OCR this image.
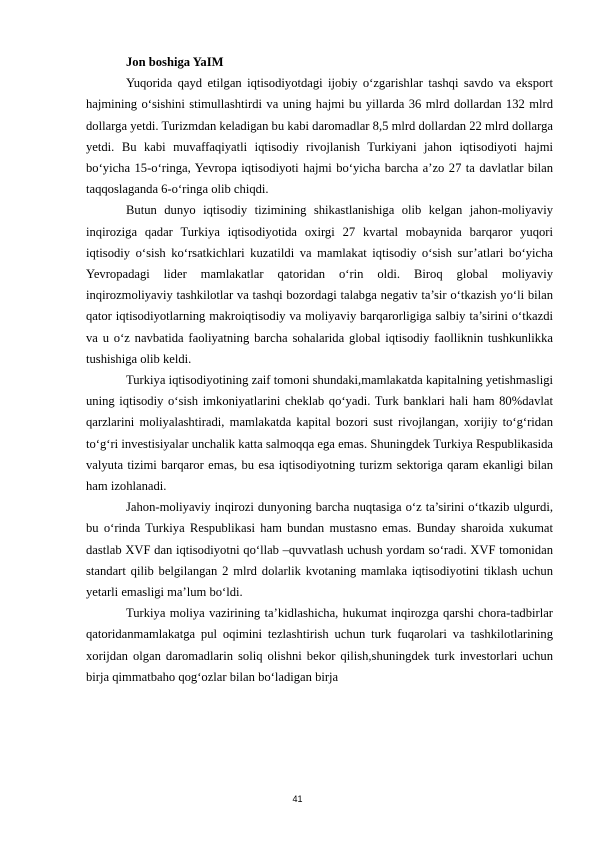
Jon boshiga YaIM

Yuqorida qayd etilgan iqtisodiyotdagi ijobiy o‘zgarishlar tashqi savdo va eksport hajmining o‘sishini stimullashtirdi va uning hajmi bu yillarda 36 mlrd dollardan 132 mlrd dollarga yetdi. Turizmdan keladigan bu kabi daromadlar 8,5 mlrd dollardan 22 mlrd dollarga yetdi. Bu kabi muvaffaqiyatli iqtisodiy rivojlanish Turkiyani jahon iqtisodiyoti hajmi bo‘yicha 15-o‘ringa, Yevropa iqtisodiyoti hajmi bo‘yicha barcha a’zo 27 ta davlatlar bilan taqqoslaganda 6-o‘ringa olib chiqdi.

Butun dunyo iqtisodiy tizimining shikastlanishiga olib kelgan jahon-moliyaviy inqiroziga qadar Turkiya iqtisodiyotida oxirgi 27 kvartal mobaynida barqaror yuqori iqtisodiy o‘sish ko‘rsatkichlari kuzatildi va mamlakat iqtisodiy o‘sish sur’atlari bo‘yicha Yevropadagi lider mamlakatlar qatoridan o‘rin oldi. Biroq global moliyaviy inqirozmoliyaviy tashkilotlar va tashqi bozordagi talabga negativ ta’sir o‘tkazish yo‘li bilan qator iqtisodiyotlarning makroiqtisodiy va moliyaviy barqarorligiga salbiy ta’sirini o‘tkazdi va u o‘z navbatida faoliyatning barcha sohalarida global iqtisodiy faolliknin tushkunlikka tushishiga olib keldi.

Turkiya iqtisodiyotining zaif tomoni shundaki,mamlakatda kapitalning yetishmasligi uning iqtisodiy o‘sish imkoniyatlarini cheklab qo‘yadi. Turk banklari hali ham 80%davlat qarzlarini moliyalashtiradi, mamlakatda kapital bozori sust rivojlangan, xorijiy to‘g‘ridan to‘g‘ri investisiyalar unchalik katta salmoqqa ega emas. Shuningdek Turkiya Respublikasida valyuta tizimi barqaror emas, bu esa iqtisodiyotning turizm sektoriga qaram ekanligi bilan ham izohlanadi.

Jahon-moliyaviy inqirozi dunyoning barcha nuqtasiga o‘z ta’sirini o‘tkazib ulgurdi, bu o‘rinda Turkiya Respublikasi ham bundan mustasno emas. Bunday sharoida xukumat dastlab XVF dan iqtisodiyotni qo‘llab –quvvatlash uchush yordam so‘radi. XVF tomonidan standart qilib belgilangan 2 mlrd dolarlik kvotaning mamlaka iqtisodiyotini tiklash uchun yetarli emasligi ma’lum bo‘ldi.

Turkiya moliya vazirining ta’kidlashicha, hukumat inqirozga qarshi chora-tadbirlar qatoridanmamlakatga pul oqimini tezlashtirish uchun turk fuqarolari va tashkilotlarining xorijdan olgan daromadlarin soliq olishni bekor qilish,shuningdek turk investorlari uchun birja qimmatbaho qog‘ozlar bilan bo‘ladigan birja

41
